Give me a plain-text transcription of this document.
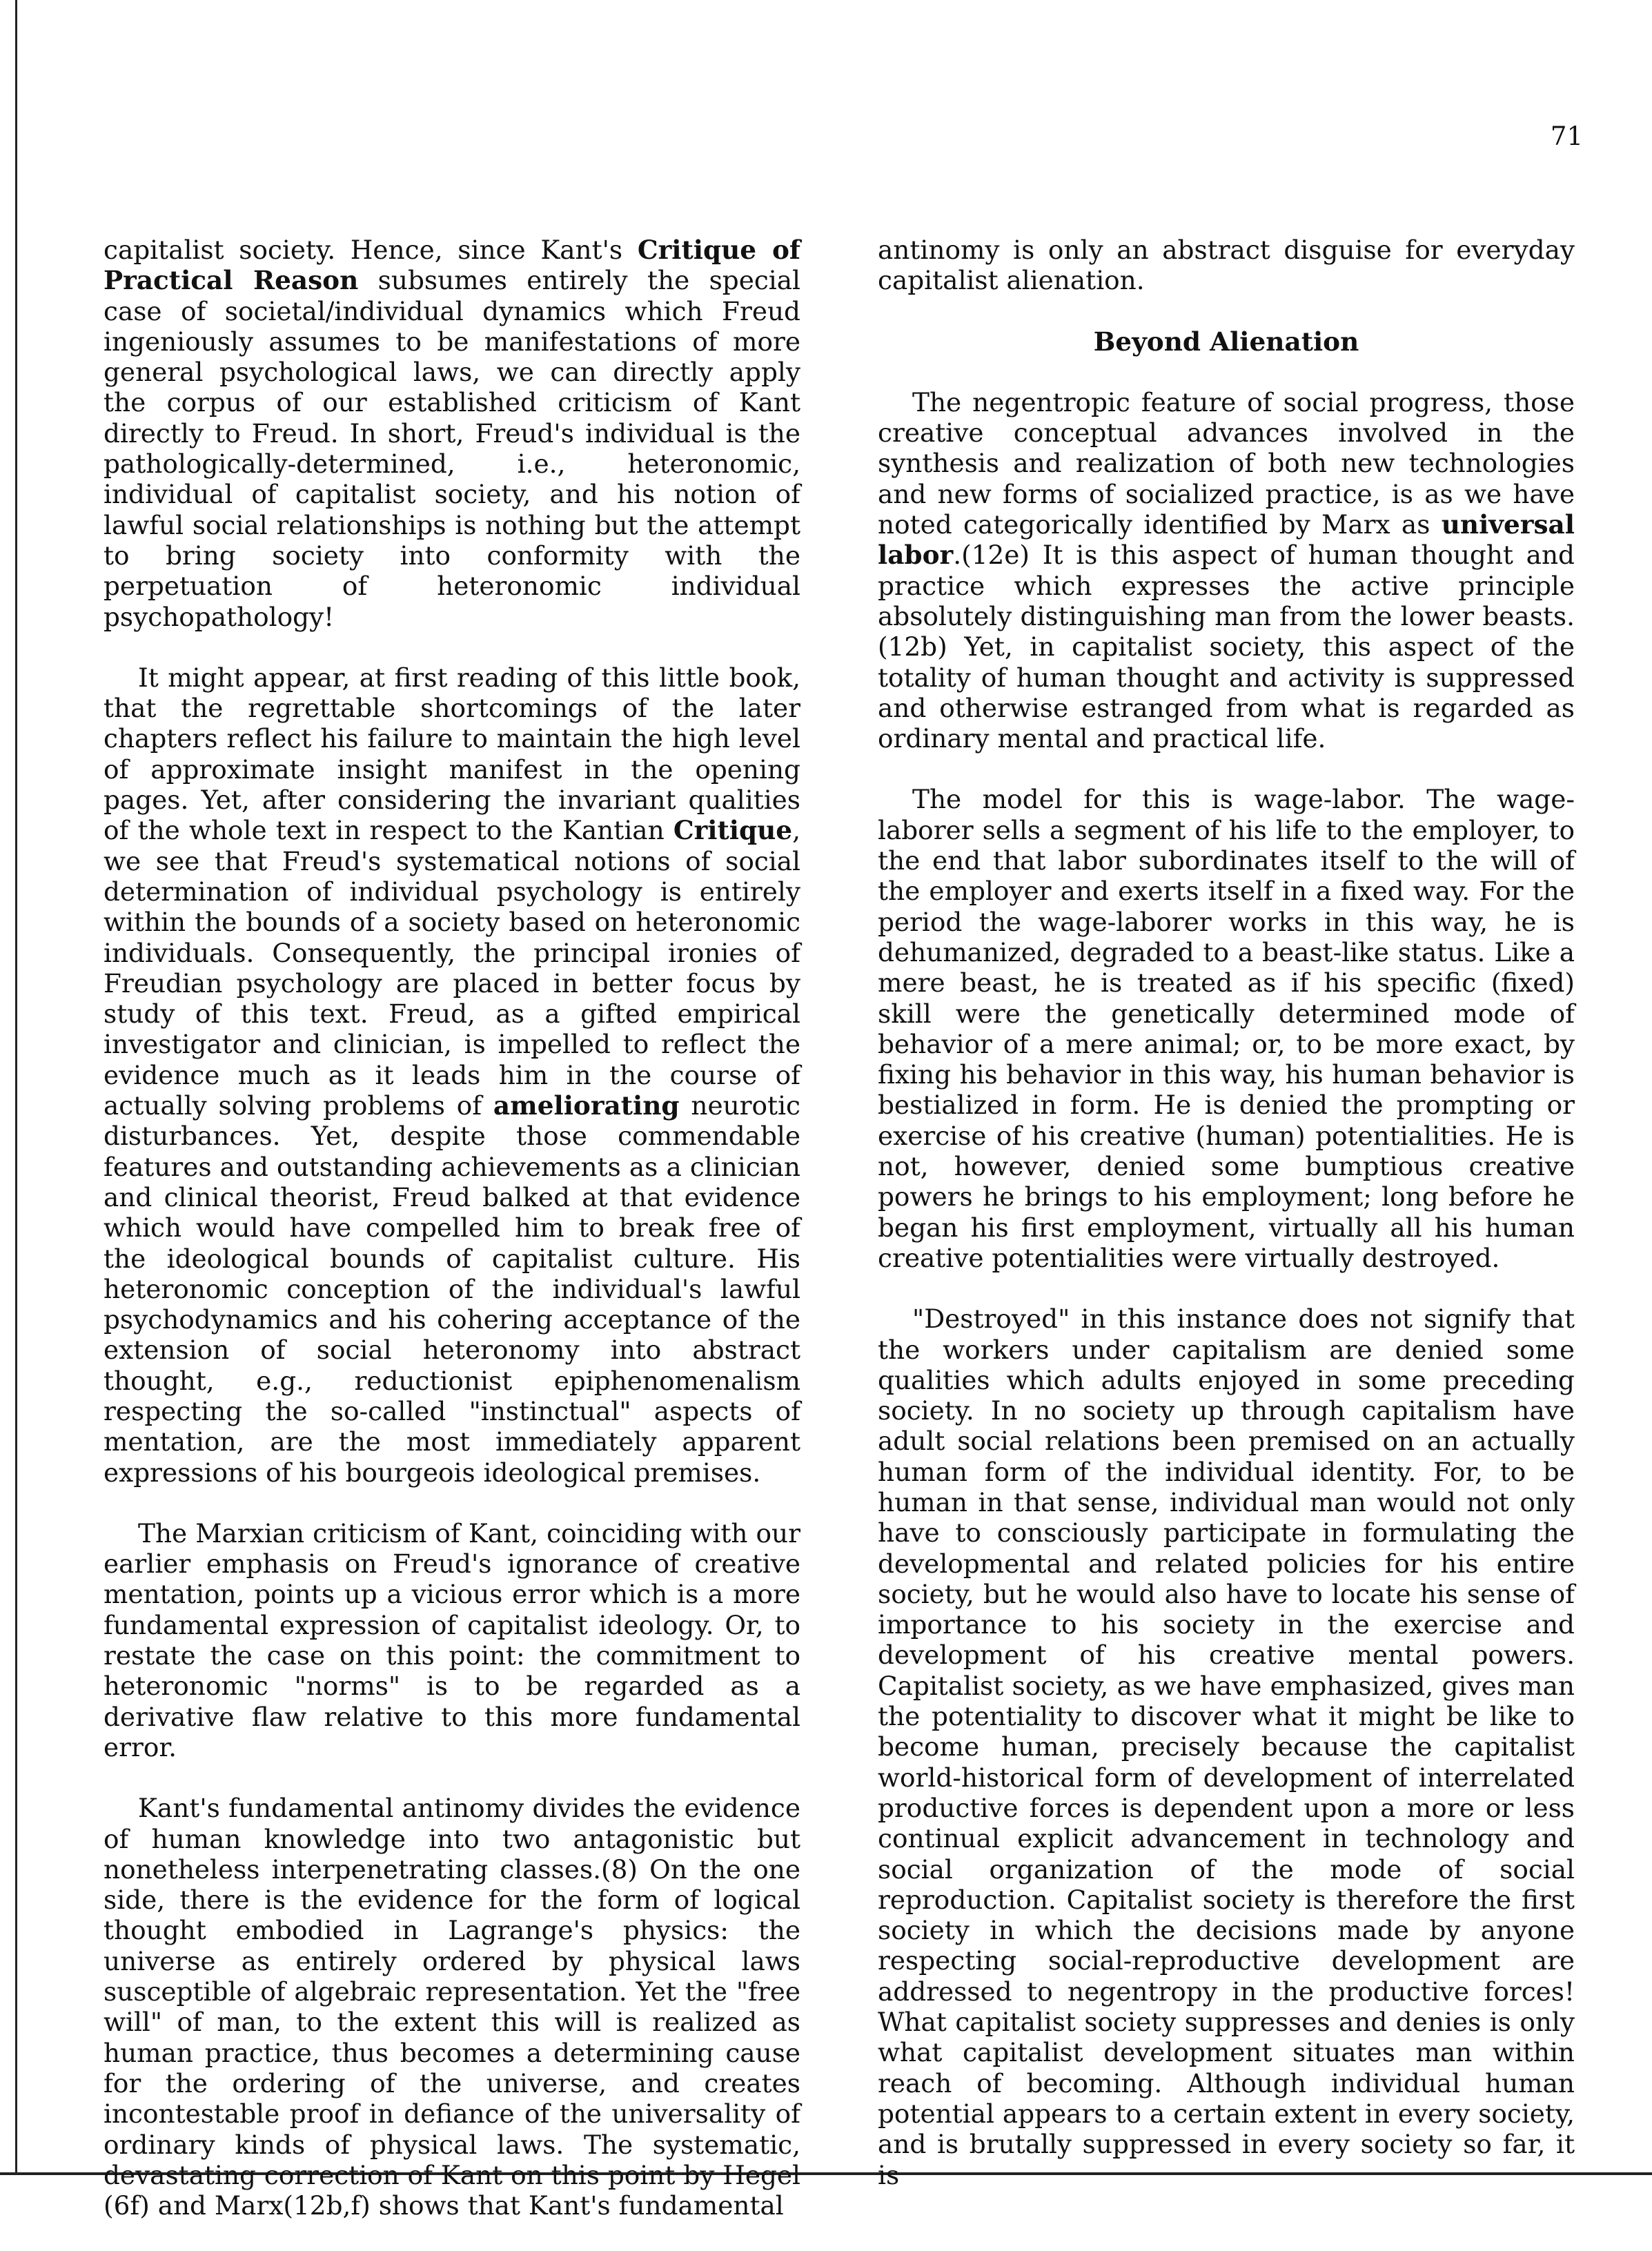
71

capitalist society. Hence, since Kant's Critique of Practical Reason subsumes entirely the special case of societal/individual dynamics which Freud ingeniously assumes to be manifestations of more general psychological laws, we can directly apply the corpus of our established criticism of Kant directly to Freud. In short, Freud's individual is the pathologically-determined, i.e., heteronomic, individual of capitalist society, and his notion of lawful social relationships is nothing but the attempt to bring society into conformity with the perpetuation of heteronomic individual psychopathology!

It might appear, at first reading of this little book, that the regrettable shortcomings of the later chapters reflect his failure to maintain the high level of approximate insight manifest in the opening pages. Yet, after considering the invariant qualities of the whole text in respect to the Kantian Critique, we see that Freud's systematical notions of social determination of individual psychology is entirely within the bounds of a society based on heteronomic individuals. Consequently, the principal ironies of Freudian psychology are placed in better focus by study of this text. Freud, as a gifted empirical investigator and clinician, is impelled to reflect the evidence much as it leads him in the course of actually solving problems of ameliorating neurotic disturbances. Yet, despite those commendable features and outstanding achievements as a clinician and clinical theorist, Freud balked at that evidence which would have compelled him to break free of the ideological bounds of capitalist culture. His heteronomic conception of the individual's lawful psychodynamics and his cohering acceptance of the extension of social heteronomy into abstract thought, e.g., reductionist epiphenomenalism respecting the so-called "instinctual" aspects of mentation, are the most immediately apparent expressions of his bourgeois ideological premises.

The Marxian criticism of Kant, coinciding with our earlier emphasis on Freud's ignorance of creative mentation, points up a vicious error which is a more fundamental expression of capitalist ideology. Or, to restate the case on this point: the commitment to heteronomic "norms" is to be regarded as a derivative flaw relative to this more fundamental error.

Kant's fundamental antinomy divides the evidence of human knowledge into two antagonistic but nonetheless interpenetrating classes.(8) On the one side, there is the evidence for the form of logical thought embodied in Lagrange's physics: the universe as entirely ordered by physical laws susceptible of algebraic representation. Yet the "free will" of man, to the extent this will is realized as human practice, thus becomes a determining cause for the ordering of the universe, and creates incontestable proof in defiance of the universality of ordinary kinds of physical laws. The systematic, devastating correction of Kant on this point by Hegel (6f) and Marx(12b,f) shows that Kant's fundamental

antinomy is only an abstract disguise for everyday capitalist alienation.

Beyond Alienation

The negentropic feature of social progress, those creative conceptual advances involved in the synthesis and realization of both new technologies and new forms of socialized practice, is as we have noted categorically identified by Marx as universal labor.(12e) It is this aspect of human thought and practice which expresses the active principle absolutely distinguishing man from the lower beasts.(12b) Yet, in capitalist society, this aspect of the totality of human thought and activity is suppressed and otherwise estranged from what is regarded as ordinary mental and practical life.

The model for this is wage-labor. The wage-laborer sells a segment of his life to the employer, to the end that labor subordinates itself to the will of the employer and exerts itself in a fixed way. For the period the wage-laborer works in this way, he is dehumanized, degraded to a beast-like status. Like a mere beast, he is treated as if his specific (fixed) skill were the genetically determined mode of behavior of a mere animal; or, to be more exact, by fixing his behavior in this way, his human behavior is bestialized in form. He is denied the prompting or exercise of his creative (human) potentialities. He is not, however, denied some bumptious creative powers he brings to his employment; long before he began his first employment, virtually all his human creative potentialities were virtually destroyed.

"Destroyed" in this instance does not signify that the workers under capitalism are denied some qualities which adults enjoyed in some preceding society. In no society up through capitalism have adult social relations been premised on an actually human form of the individual identity. For, to be human in that sense, individual man would not only have to consciously participate in formulating the developmental and related policies for his entire society, but he would also have to locate his sense of importance to his society in the exercise and development of his creative mental powers. Capitalist society, as we have emphasized, gives man the potentiality to discover what it might be like to become human, precisely because the capitalist world-historical form of development of interrelated productive forces is dependent upon a more or less continual explicit advancement in technology and social organization of the mode of social reproduction. Capitalist society is therefore the first society in which the decisions made by anyone respecting social-reproductive development are addressed to negentropy in the productive forces! What capitalist society suppresses and denies is only what capitalist development situates man within reach of becoming. Although individual human potential appears to a certain extent in every society, and is brutally suppressed in every society so far, it is
